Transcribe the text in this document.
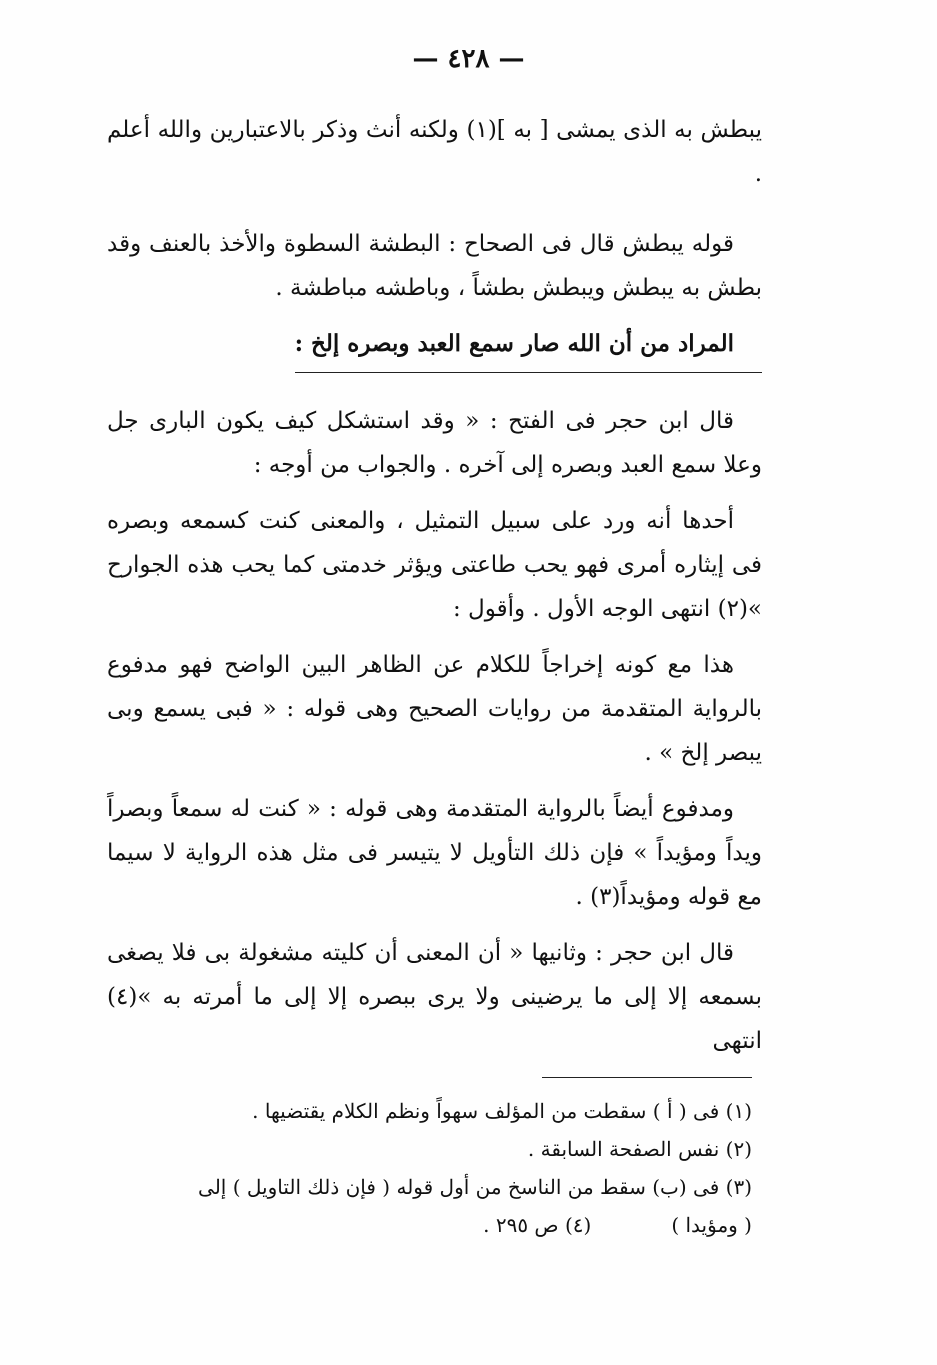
— ٤٢٨ —

يبطش به الذى يمشى [ به ](١) ولكنه أنث وذكر بالاعتبارين والله أعلم .

قوله يبطش قال فى الصحاح : البطشة السطوة والأخذ بالعنف وقد بطش به يبطش ويبطش بطشاً ، وباطشه مباطشة .

المراد من أن الله صار سمع العبد وبصره إلخ :

قال ابن حجر فى الفتح : « وقد استشكل كيف يكون البارى جل وعلا سمع العبد وبصره إلى آخره . والجواب من أوجه :

أحدها أنه ورد على سبيل التمثيل ، والمعنى كنت كسمعه وبصره فى إيثاره أمرى فهو يحب طاعتى ويؤثر خدمتى كما يحب هذه الجوارح »(٢) انتهى الوجه الأول . وأقول :

هذا مع كونه إخراجاً للكلام عن الظاهر البين الواضح فهو مدفوع بالرواية المتقدمة من روايات الصحيح وهى قوله : « فبى يسمع وبى يبصر إلخ » .

ومدفوع أيضاً بالرواية المتقدمة وهى قوله : « كنت له سمعاً وبصراً ويداً ومؤيداً » فإن ذلك التأويل لا يتيسر فى مثل هذه الرواية لا سيما مع قوله ومؤيداً(٣) .

قال ابن حجر : وثانيها « أن المعنى أن كليته مشغولة بى فلا يصغى بسمعه إلا إلى ما يرضينى ولا يرى ببصره إلا إلى ما أمرته به »(٤) انتهى

(١) فى ( أ ) سقطت من المؤلف سهواً ونظم الكلام يقتضيها .

(٢) نفس الصفحة السابقة .

(٣) فى (ب) سقط من الناسخ من أول قوله ( فإن ذلك التاويل ) إلى ( ومؤيدا )(٤) ص ٢٩٥ .
